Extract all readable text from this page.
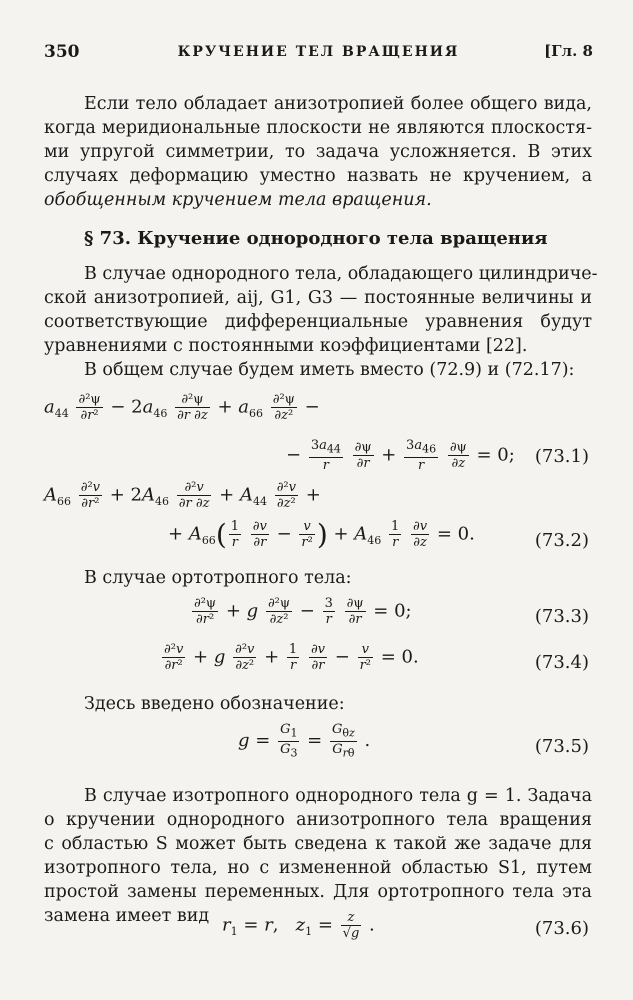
350	КРУЧЕНИЕ ТЕЛ ВРАЩЕНИЯ	[Гл. 8
Если тело обладает анизотропией более общего вида,
когда меридиональные плоскости не являются плоскостя-
ми упругой симметрии, то задача усложняется. В этих
случаях деформацию уместно назвать не кручением, а
обобщенным кручением тела вращения.
§ 73. Кручение однородного тела вращения
В случае однородного тела, обладающего цилиндриче-
ской анизотропией, aij, G1, G3 — постоянные величины и
соответствующие дифференциальные уравнения будут
уравнениями с постоянными коэффициентами [22].
В общем случае будем иметь вместо (72.9) и (72.17):
$a_{44} \frac{\text{∂²ψ}}{\text{∂r²}} - 2a_{46} \frac{\text{∂²ψ}}{\partial r \partial z} + a_{66} \frac{\text{∂²ψ}}{\text{∂z²}}$ −
− $\frac{3a_{44}}{r}$
$\frac{\partial\psi}{\partial r} + \frac{3a_{46}}{r}$
$\frac{\partial\psi}{\partial z} = 0$; (73.1)
$A_{66} \frac{\text{∂²v}}{\text{∂r²}} + 2A_{46} \frac{\text{∂²v}}{\partial r \partial z} + A_{44} \frac{\text{∂²v}}{\text{∂z²}}$ +
+ $A_{66}( \frac{1}{r}$
$\frac{\partial v}{\partial r} - \frac{v}{\text{r²}}$ ) + $A_{46} \frac{1}{r}$
$\frac{\partial v}{\partial z} = 0$.	(73.2)
В случае ортотропного тела:
$\frac{\text{∂²ψ}}{\text{∂r²}} + g \frac{\text{∂²ψ}}{\text{∂z²}} - \frac{3}{r}$
$\frac{\partial\psi}{\partial r} = 0$;	(73.3)
$\frac{\text{∂²v}}{\text{∂r²}} + g \frac{\text{∂²v}}{\text{∂z²}} + \frac{1}{r}$
$\frac{\partial v}{\partial r} - \frac{v}{\text{r²}} = 0$.	(73.4)
Здесь введено обозначение:
$g = \frac{G_1}{G_3} = \frac{G_{\theta z}}{G_{r\theta}}$ .	(73.5)
В случае изотропного однородного тела g = 1. Задача
о кручении однородного анизотропного тела вращения
с областью S может быть сведена к такой же задаче для
изотропного тела, но с измененной областью S1, путем
простой замены переменных. Для ортотропного тела эта
замена имеет вид $r_1 = r$,   $z_1 = \frac{z}{√g}$ .	(73.6)
